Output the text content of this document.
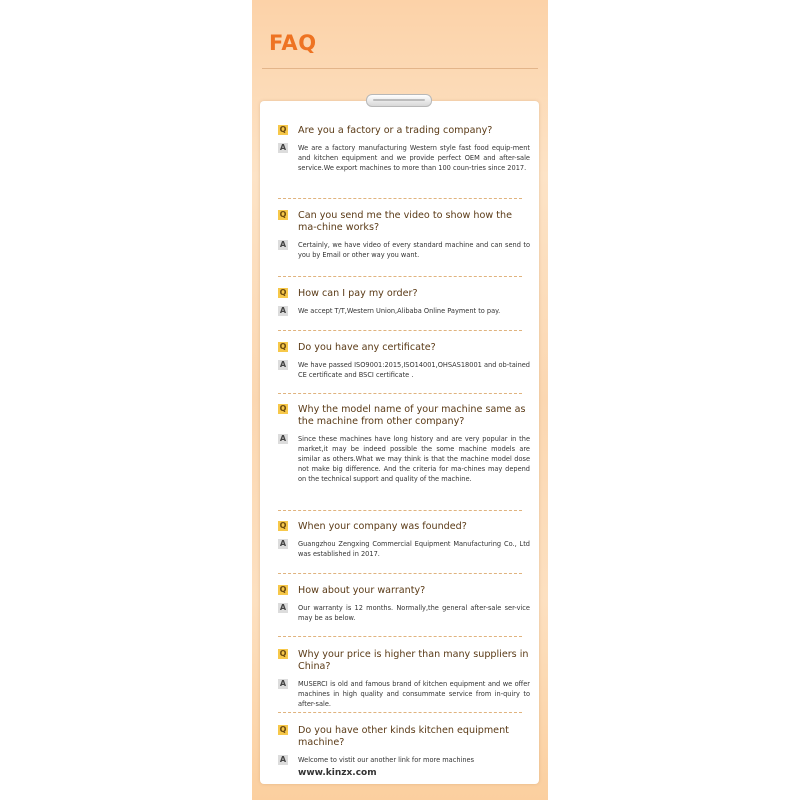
FAQ
Q Are you a factory or a trading company?
A We are a factory manufacturing Western style fast food equip-ment and kitchen equipment and we provide perfect OEM and after-sale service.We export machines to more than 100 coun-tries since 2017.
Q Can you send me the video to show how the ma-chine works?
A Certainly, we have video of every standard machine and can send to you by Email or other way you want.
Q How can I pay my order?
A We accept T/T,Western Union,Alibaba Online Payment to pay.
Q Do you have any certificate?
A We have passed ISO9001:2015,ISO14001,OHSAS18001 and ob-tained CE certificate and BSCI certificate .
Q Why the model name of your machine same as the machine from other company?
A Since these machines have long history and are very popular in the market,it may be indeed possible the some machine models are similar as others.What we may think is that the machine model dose not make big difference. And the criteria for ma-chines may depend on the technical support and quality of the machine.
Q When your company was founded?
A Guangzhou Zengxing Commercial Equipment Manufacturing Co., Ltd was established in 2017.
Q How about your warranty?
A Our warranty is 12 months. Normally,the general after-sale ser-vice may be as below.
Q Why your price is higher than many suppliers in China?
A MUSERCI is old and famous brand of kitchen equipment and we offer machines in high quality and consummate service from in-quiry to after-sale.
Q Do you have other kinds kitchen equipment machine?
A Welcome to vistit our another link for more machines
www.kinzx.com
